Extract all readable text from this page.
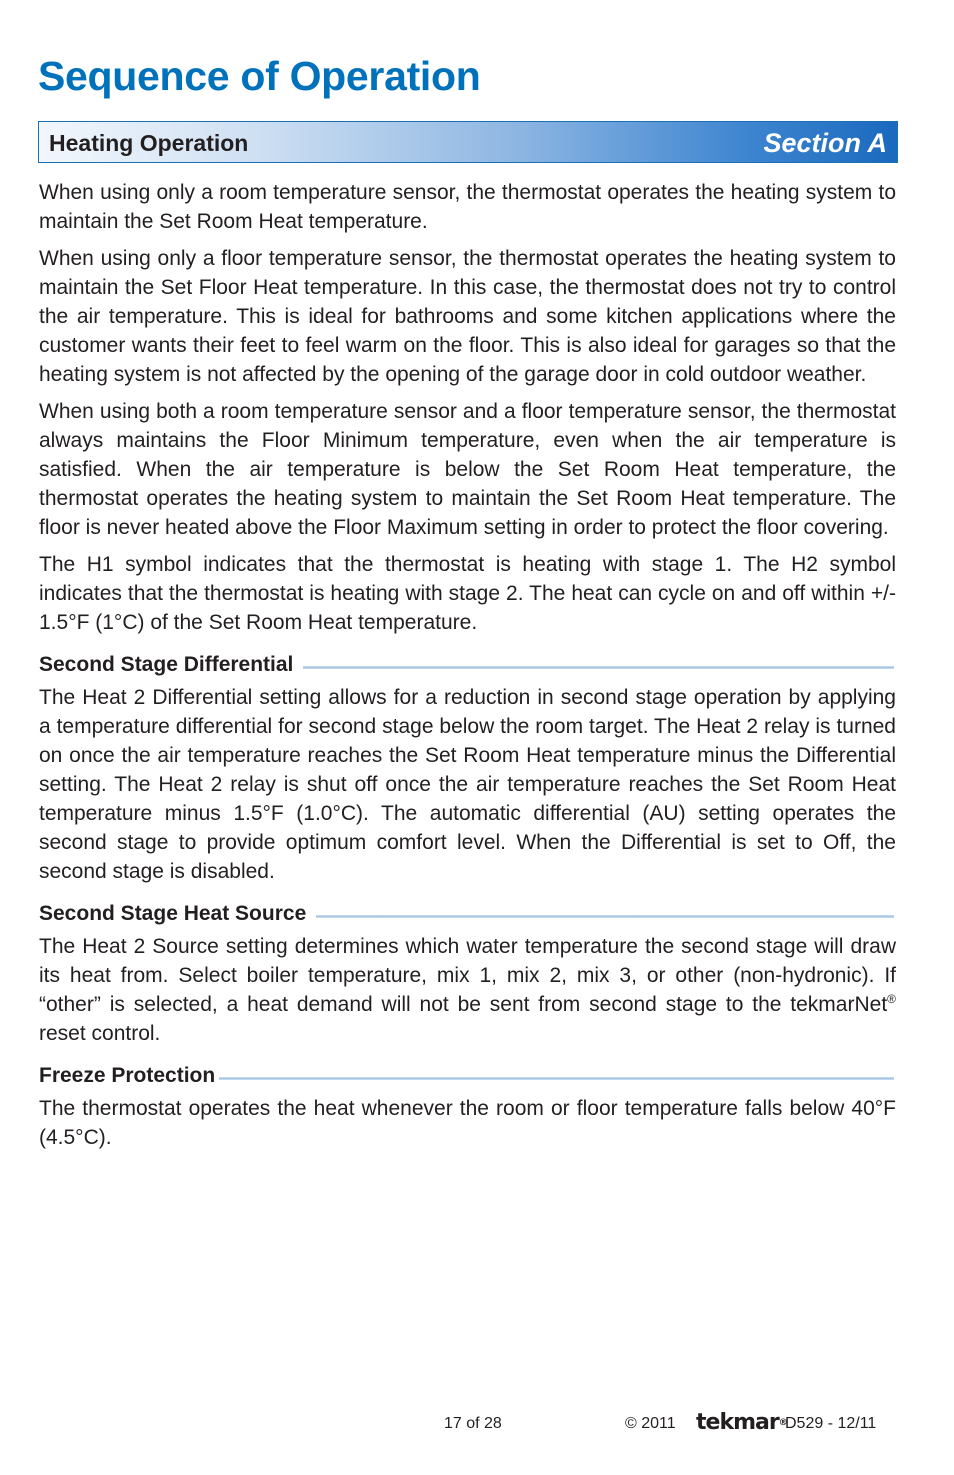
Sequence of Operation
Heating Operation	Section A

When using only a room temperature sensor, the thermostat operates the heating system to maintain the Set Room Heat temperature.

When using only a floor temperature sensor, the thermostat operates the heating system to maintain the Set Floor Heat temperature. In this case, the thermostat does not try to control the air temperature. This is ideal for bathrooms and some kitchen applications where the customer wants their feet to feel warm on the floor. This is also ideal for garages so that the heating system is not affected by the opening of the garage door in cold outdoor weather.

When using both a room temperature sensor and a floor temperature sensor, the thermostat always maintains the Floor Minimum temperature, even when the air temperature is satisfied. When the air temperature is below the Set Room Heat temperature, the thermostat operates the heating system to maintain the Set Room Heat temperature. The floor is never heated above the Floor Maximum setting in order to protect the floor covering.

The H1 symbol indicates that the thermostat is heating with stage 1. The H2 symbol indicates that the thermostat is heating with stage 2. The heat can cycle on and off within +/- 1.5°F (1°C) of the Set Room Heat temperature.

Second Stage Differential

The Heat 2 Differential setting allows for a reduction in second stage operation by applying a temperature differential for second stage below the room target. The Heat 2 relay is turned on once the air temperature reaches the Set Room Heat temperature minus the Differential setting. The Heat 2 relay is shut off once the air temperature reaches the Set Room Heat temperature minus 1.5°F (1.0°C). The automatic differential (AU) setting operates the second stage to provide optimum comfort level. When the Differential is set to Off, the second stage is disabled.

Second Stage Heat Source

The Heat 2 Source setting determines which water temperature the second stage will draw its heat from. Select boiler temperature, mix 1, mix 2, mix 3, or other (non-hydronic). If “other” is selected, a heat demand will not be sent from second stage to the tekmarNet® reset control.

Freeze Protection

The thermostat operates the heat whenever the room or floor temperature falls below 40°F (4.5°C).

17 of 28	© 2011 tekmar®
D529 - 12/11
